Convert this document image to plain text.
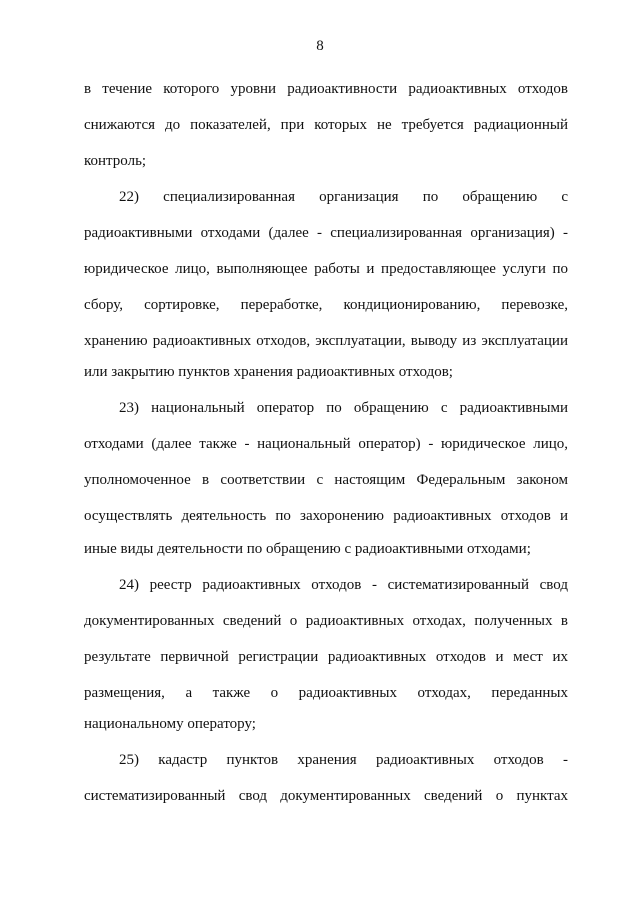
8
в течение которого уровни радиоактивности радиоактивных отходов
снижаются до показателей, при которых не требуется радиационный
контроль;
22) специализированная организация по обращению с
радиоактивными отходами (далее - специализированная организация) -
юридическое лицо, выполняющее работы и предоставляющее услуги по
сбору, сортировке, переработке, кондиционированию, перевозке,
хранению радиоактивных отходов, эксплуатации, выводу из эксплуатации
или закрытию пунктов хранения радиоактивных отходов;
23) национальный оператор по обращению с радиоактивными
отходами (далее также - национальный оператор) - юридическое лицо,
уполномоченное в соответствии с настоящим Федеральным законом
осуществлять деятельность по захоронению радиоактивных отходов и
иные виды деятельности по обращению с радиоактивными отходами;
24) реестр радиоактивных отходов - систематизированный свод
документированных сведений о радиоактивных отходах, полученных в
результате первичной регистрации радиоактивных отходов и мест их
размещения, а также о радиоактивных отходах, переданных
национальному оператору;
25) кадастр пунктов хранения радиоактивных отходов -
систематизированный свод документированных сведений о пунктах
